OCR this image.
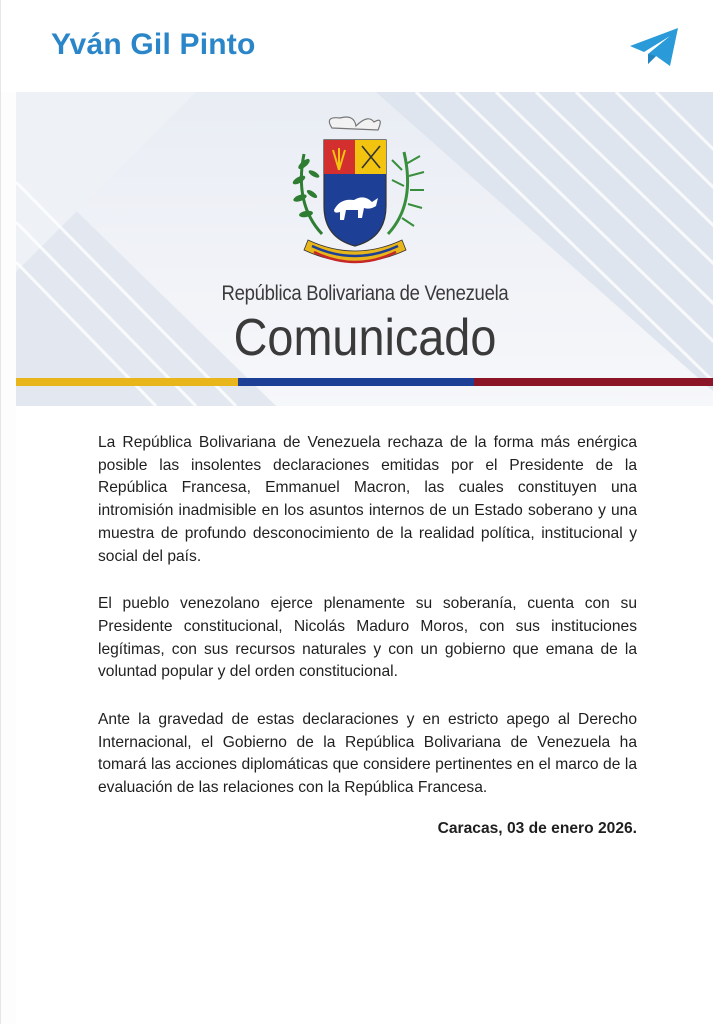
Yván Gil Pinto
República Bolivariana de Venezuela
Comunicado

La República Bolivariana de Venezuela rechaza de la forma más enérgica posible las insolentes declaraciones emitidas por el Presidente de la República Francesa, Emmanuel Macron, las cuales constituyen una intromisión inadmisible en los asuntos internos de un Estado soberano y una muestra de profundo desconocimiento de la realidad política, institucional y social del país.

El pueblo venezolano ejerce plenamente su soberanía, cuenta con su Presidente constitucional, Nicolás Maduro Moros, con sus instituciones legítimas, con sus recursos naturales y con un gobierno que emana de la voluntad popular y del orden constitucional.

Ante la gravedad de estas declaraciones y en estricto apego al Derecho Internacional, el Gobierno de la República Bolivariana de Venezuela ha tomará las acciones diplomáticas que considere pertinentes en el marco de la evaluación de las relaciones con la República Francesa.

Caracas, 03 de enero 2026.
